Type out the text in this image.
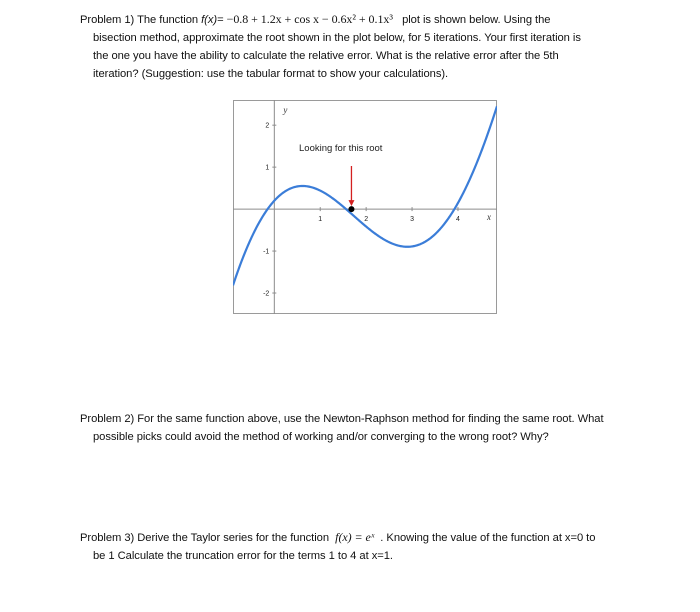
Problem 1) The function f(x)= −0.8 + 1.2x + cos x − 0.6x² + 0.1x³ plot is shown below. Using the
bisection method, approximate the root shown in the plot below, for 5 iterations. Your first iteration is
the one you have the ability to calculate the relative error. What is the relative error after the 5th
iteration? (Suggestion: use the tabular format to show your calculations).
1	2	3	4
-2
-1
1
2
y
x
Looking for this root
Problem 2) For the same function above, use the Newton-Raphson method for finding the same root. What
possible picks could avoid the method of working and/or converging to the wrong root? Why?
Problem 3) Derive the Taylor series for the function f(x) = eˣ . Knowing the value of the function at x=0 to
be 1 Calculate the truncation error for the terms 1 to 4 at x=1.
